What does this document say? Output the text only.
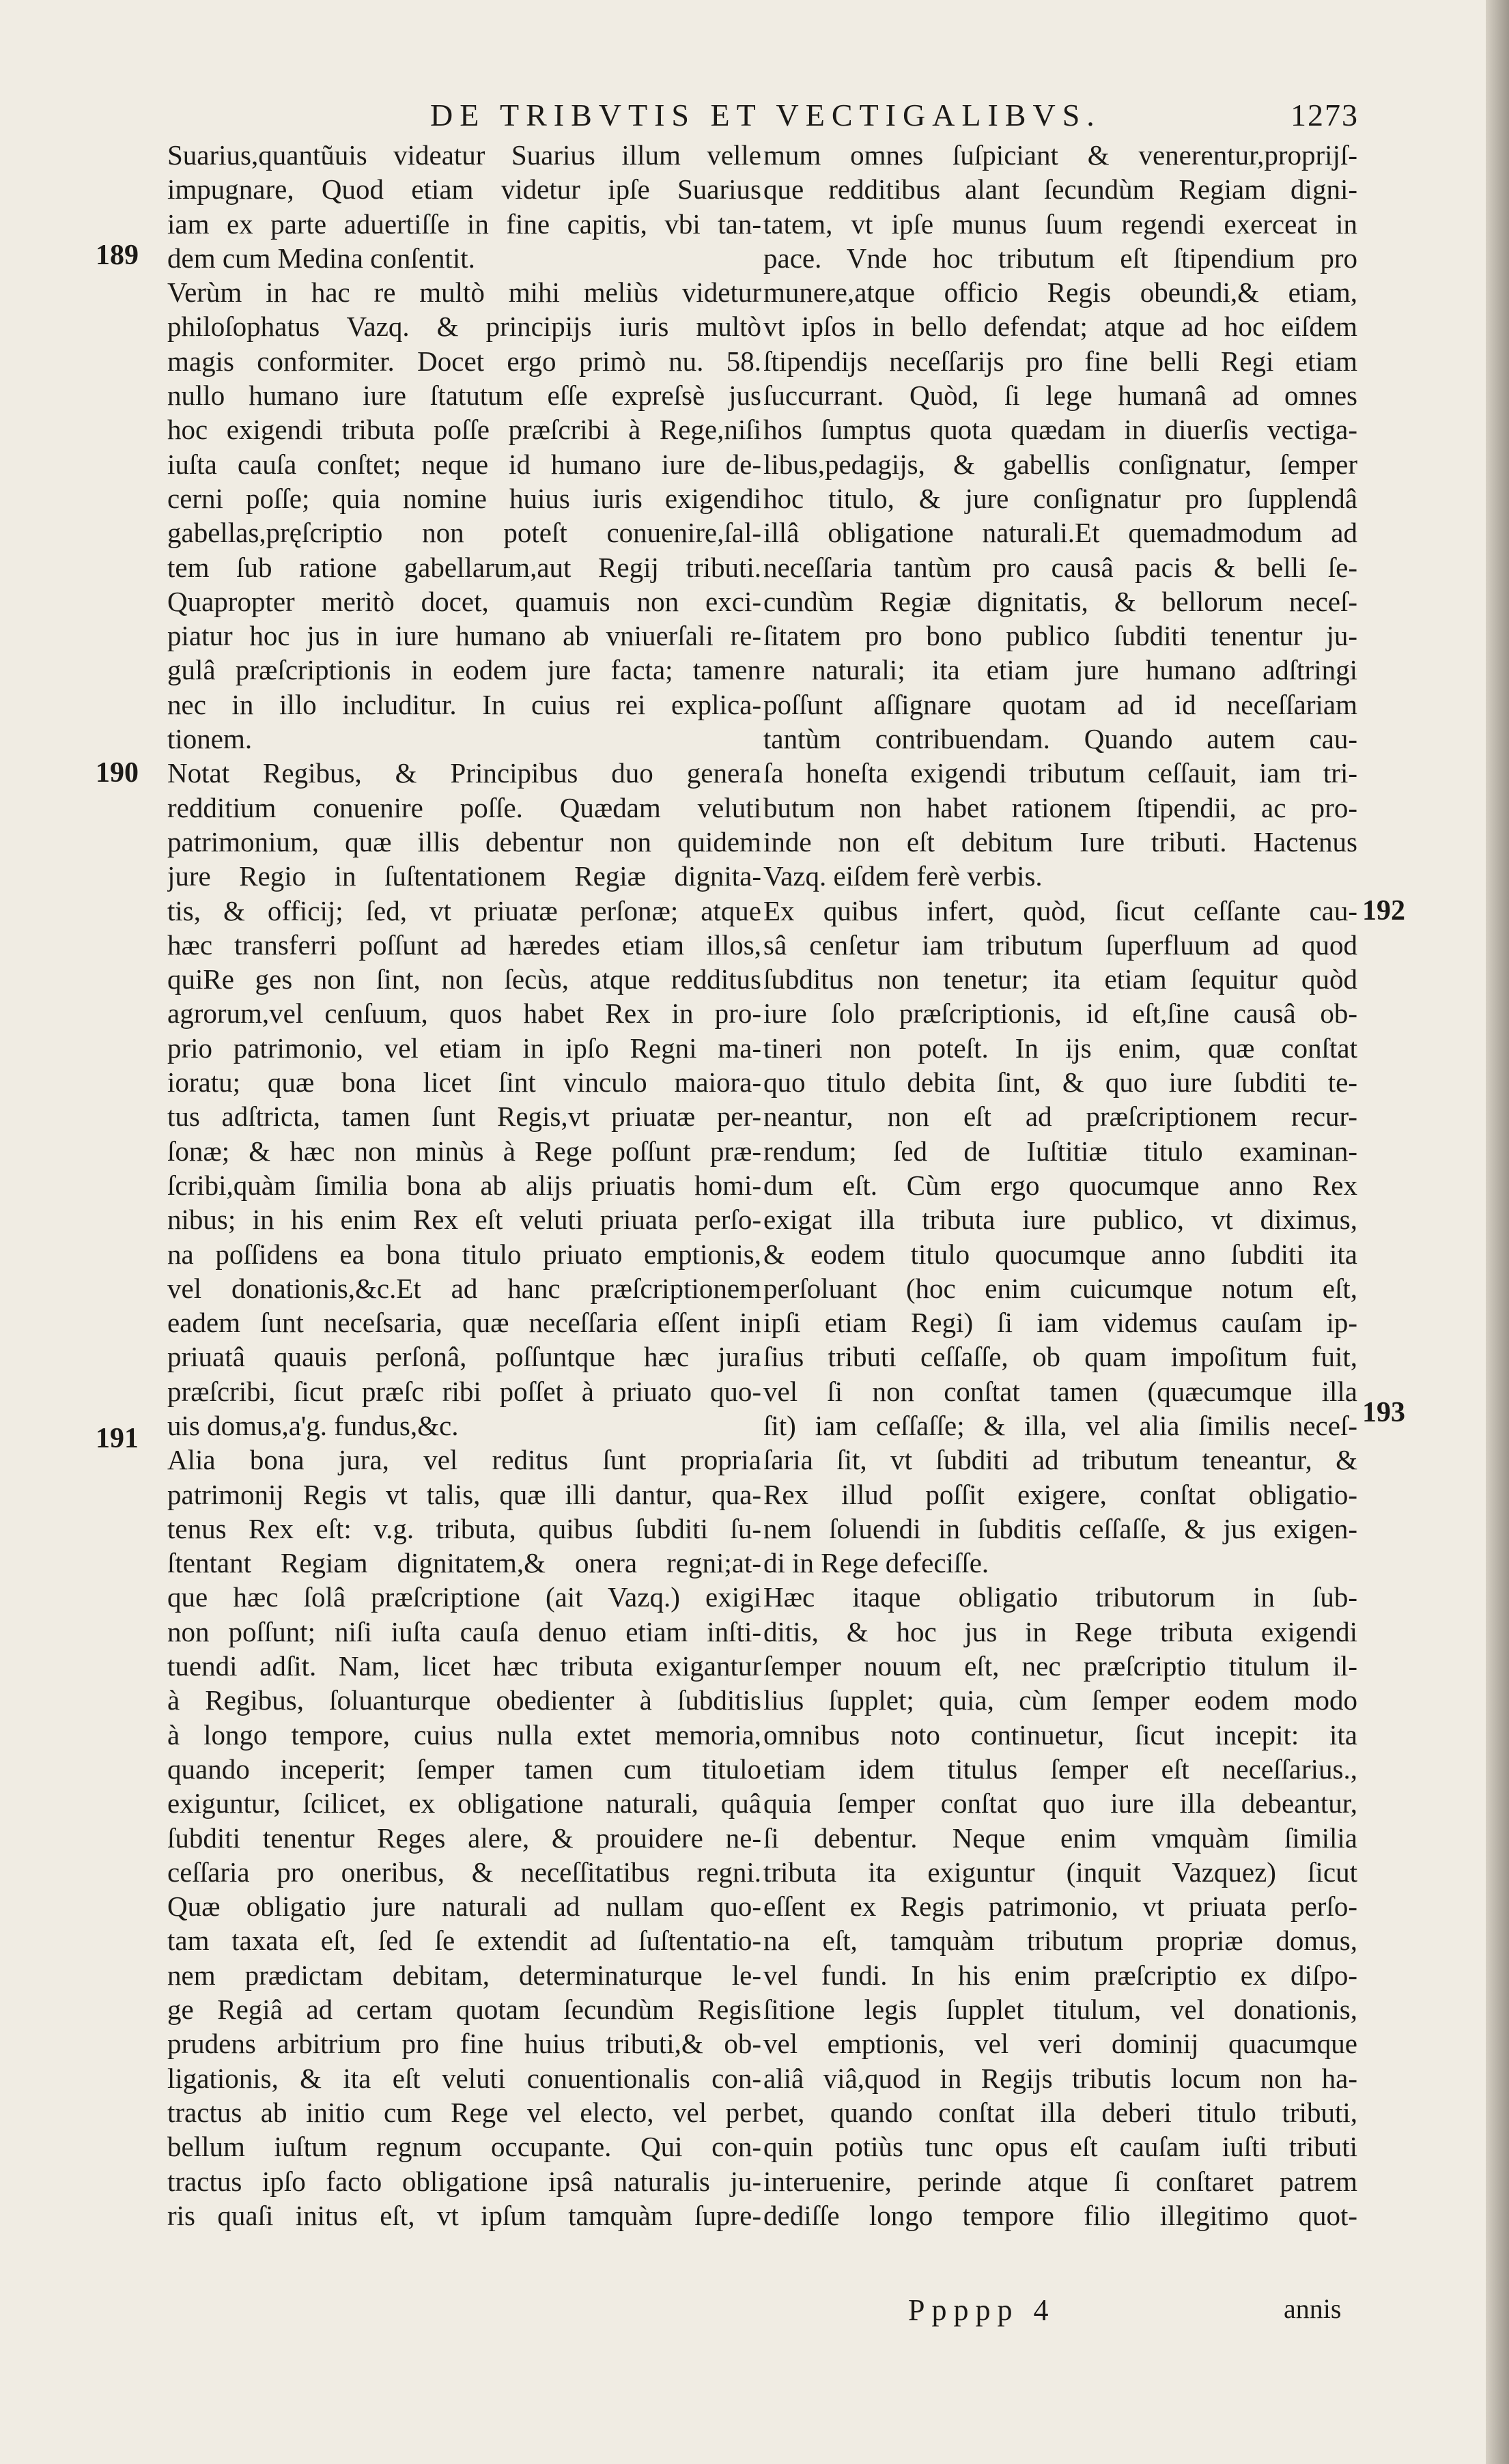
DE TRIBVTIS ET VECTIGALIBVS.	1273
189
190
191
192
193
Suarius,quantũuis videatur Suarius illum velle
impugnare, Quod etiam videtur ipſe Suarius
iam ex parte aduertiſſe in fine capitis, vbi tan-
dem cum Medina conſentit.
Verùm in hac re multò mihi meliùs videtur
philoſophatus Vazq. & principijs iuris multò
magis conformiter. Docet ergo primò nu. 58.
nullo humano iure ſtatutum eſſe expreſsè jus
hoc exigendi tributa poſſe præſcribi à Rege,niſi
iuſta cauſa conſtet; neque id humano iure de-
cerni poſſe; quia nomine huius iuris exigendi
gabellas,pręſcriptio non poteſt conuenire,ſal-
tem ſub ratione gabellarum,aut Regij tributi.
Quapropter meritò docet, quamuis non exci-
piatur hoc jus in iure humano ab vniuerſali re-
gulâ præſcriptionis in eodem jure facta; tamen
nec in illo includitur. In cuius rei explica-
tionem.
Notat Regibus, & Principibus duo genera
redditium conuenire poſſe. Quædam veluti
patrimonium, quæ illis debentur non quidem
jure Regio in ſuſtentationem Regiæ dignita-
tis, & officij; ſed, vt priuatæ perſonæ; atque
hæc transferri poſſunt ad hæredes etiam illos,
quiRe ges non ſint, non ſecùs, atque redditus
agrorum,vel cenſuum, quos habet Rex in pro-
prio patrimonio, vel etiam in ipſo Regni ma-
ioratu; quæ bona licet ſint vinculo maiora-
tus adſtricta, tamen ſunt Regis,vt priuatæ per-
ſonæ; & hæc non minùs à Rege poſſunt præ-
ſcribi,quàm ſimilia bona ab alijs priuatis homi-
nibus; in his enim Rex eſt veluti priuata perſo-
na poſſidens ea bona titulo priuato emptionis,
vel donationis,&c.Et ad hanc præſcriptionem
eadem ſunt neceſsaria, quæ neceſſaria eſſent in
priuatâ quauis perſonâ, poſſuntque hæc jura
præſcribi, ſicut præſc ribi poſſet à priuato quo-
uis domus,a'g. fundus,&c.
Alia bona jura, vel reditus ſunt propria
patrimonij Regis vt talis, quæ illi dantur, qua-
tenus Rex eſt: v.g. tributa, quibus ſubditi ſu-
ſtentant Regiam dignitatem,& onera regni;at-
que hæc ſolâ præſcriptione (ait Vazq.) exigi
non poſſunt; niſi iuſta cauſa denuo etiam inſti-
tuendi adſit. Nam, licet hæc tributa exigantur
à Regibus, ſoluanturque obedienter à ſubditis
à longo tempore, cuius nulla extet memoria,
quando inceperit; ſemper tamen cum titulo
exiguntur, ſcilicet, ex obligatione naturali, quâ
ſubditi tenentur Reges alere, & prouidere ne-
ceſſaria pro oneribus, & neceſſitatibus regni.
Quæ obligatio jure naturali ad nullam quo-
tam taxata eſt, ſed ſe extendit ad ſuſtentatio-
nem prædictam debitam, determinaturque le-
ge Regiâ ad certam quotam ſecundùm Regis
prudens arbitrium pro fine huius tributi,& ob-
ligationis, & ita eſt veluti conuentionalis con-
tractus ab initio cum Rege vel electo, vel per
bellum iuſtum regnum occupante. Qui con-
tractus ipſo facto obligatione ipsâ naturalis ju-
ris quaſi initus eſt, vt ipſum tamquàm ſupre-
mum omnes ſuſpiciant & venerentur,proprijſ-
que redditibus alant ſecundùm Regiam digni-
tatem, vt ipſe munus ſuum regendi exerceat in
pace. Vnde hoc tributum eſt ſtipendium pro
munere,atque officio Regis obeundi,& etiam,
vt ipſos in bello defendat; atque ad hoc eiſdem
ſtipendijs neceſſarijs pro fine belli Regi etiam
ſuccurrant. Quòd, ſi lege humanâ ad omnes
hos ſumptus quota quædam in diuerſis vectiga-
libus,pedagijs, & gabellis conſignatur, ſemper
hoc titulo, & jure conſignatur pro ſupplendâ
illâ obligatione naturali.Et quemadmodum ad
neceſſaria tantùm pro causâ pacis & belli ſe-
cundùm Regiæ dignitatis, & bellorum neceſ-
ſitatem pro bono publico ſubditi tenentur ju-
re naturali; ita etiam jure humano adſtringi
poſſunt aſſignare quotam ad id neceſſariam
tantùm contribuendam. Quando autem cau-
ſa honeſta exigendi tributum ceſſauit, iam tri-
butum non habet rationem ſtipendii, ac pro-
inde non eſt debitum Iure tributi. Hactenus
Vazq. eiſdem ferè verbis.
Ex quibus infert, quòd, ſicut ceſſante cau-
sâ cenſetur iam tributum ſuperfluum ad quod
ſubditus non tenetur; ita etiam ſequitur quòd
iure ſolo præſcriptionis, id eſt,ſine causâ ob-
tineri non poteſt. In ijs enim, quæ conſtat
quo titulo debita ſint, & quo iure ſubditi te-
neantur, non eſt ad præſcriptionem recur-
rendum; ſed de Iuſtitiæ titulo examinan-
dum eſt. Cùm ergo quocumque anno Rex
exigat illa tributa iure publico, vt diximus,
& eodem titulo quocumque anno ſubditi ita
perſoluant (hoc enim cuicumque notum eſt,
ipſi etiam Regi) ſi iam videmus cauſam ip-
ſius tributi ceſſaſſe, ob quam impoſitum fuit,
vel ſi non conſtat tamen (quæcumque illa
ſit) iam ceſſaſſe; & illa, vel alia ſimilis neceſ-
ſaria ſit, vt ſubditi ad tributum teneantur, &
Rex illud poſſit exigere, conſtat obligatio-
nem ſoluendi in ſubditis ceſſaſſe, & jus exigen-
di in Rege defeciſſe.
Hæc itaque obligatio tributorum in ſub-
ditis, & hoc jus in Rege tributa exigendi
ſemper nouum eſt, nec præſcriptio titulum il-
lius ſupplet; quia, cùm ſemper eodem modo
omnibus noto continuetur, ſicut incepit: ita
etiam idem titulus ſemper eſt neceſſarius.,
quia ſemper conſtat quo iure illa debeantur,
ſi debentur. Neque enim vmquàm ſimilia
tributa ita exiguntur (inquit Vazquez) ſicut
eſſent ex Regis patrimonio, vt priuata perſo-
na eſt, tamquàm tributum propriæ domus,
vel fundi. In his enim præſcriptio ex diſpo-
ſitione legis ſupplet titulum, vel donationis,
vel emptionis, vel veri dominij quacumque
aliâ viâ,quod in Regijs tributis locum non ha-
bet, quando conſtat illa deberi titulo tributi,
quin potiùs tunc opus eſt cauſam iuſti tributi
interuenire, perinde atque ſi conſtaret patrem
dediſſe longo tempore filio illegitimo quot-
Ppppp 4	annis
